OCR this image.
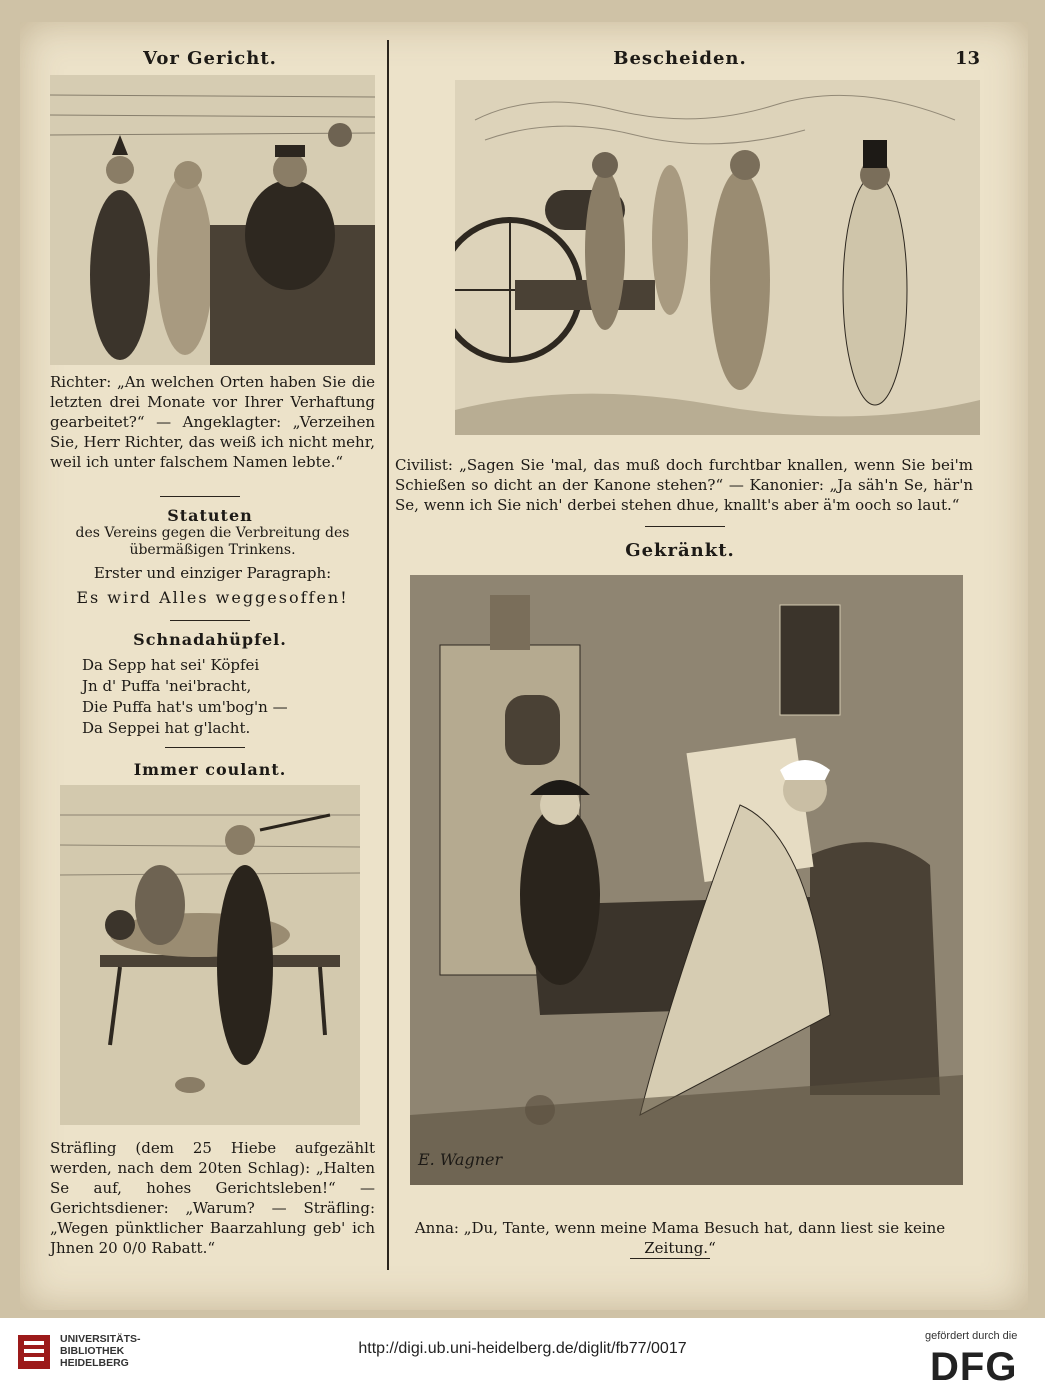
13
Vor Gericht.
Richter: „An welchen Orten haben Sie die letzten drei Monate vor Ihrer Verhaftung gearbeitet?“ — Angeklagter: „Verzeihen Sie, Herr Richter, das weiß ich nicht mehr, weil ich unter falschem Namen lebte.“
Statuten
des Vereins gegen die Verbreitung des übermäßigen Trinkens.
Erster und einziger Paragraph:
Es wird Alles weggesoffen!
Schnadahüpfel.
Da Sepp hat sei' Köpfei
Jn d' Puffa 'nei'bracht,
Die Puffa hat's um'bog'n —
Da Seppei hat g'lacht.
Immer coulant.
Sträfling (dem 25 Hiebe aufgezählt werden, nach dem 20ten Schlag): „Halten Se auf, hohes Gerichtsleben!“ — Gerichtsdiener: „Warum? — Sträfling: „Wegen pünktlicher Baarzahlung geb' ich Jhnen 20 0/0 Rabatt.“
Bescheiden.
Civilist: „Sagen Sie 'mal, das muß doch furchtbar knallen, wenn Sie bei'm Schießen so dicht an der Kanone stehen?“ — Kanonier: „Ja säh'n Se, här'n Se, wenn ich Sie nich' derbei stehen dhue, knallt's aber ä'm ooch so laut.“
Gekränkt.
E. Wagner
Anna: „Du, Tante, wenn meine Mama Besuch hat, dann liest sie keine Zeitung.“
UNIVERSITÄTS-
BIBLIOTHEK
HEIDELBERG
http://digi.ub.uni-heidelberg.de/diglit/fb77/0017
gefördert durch die
DFG
